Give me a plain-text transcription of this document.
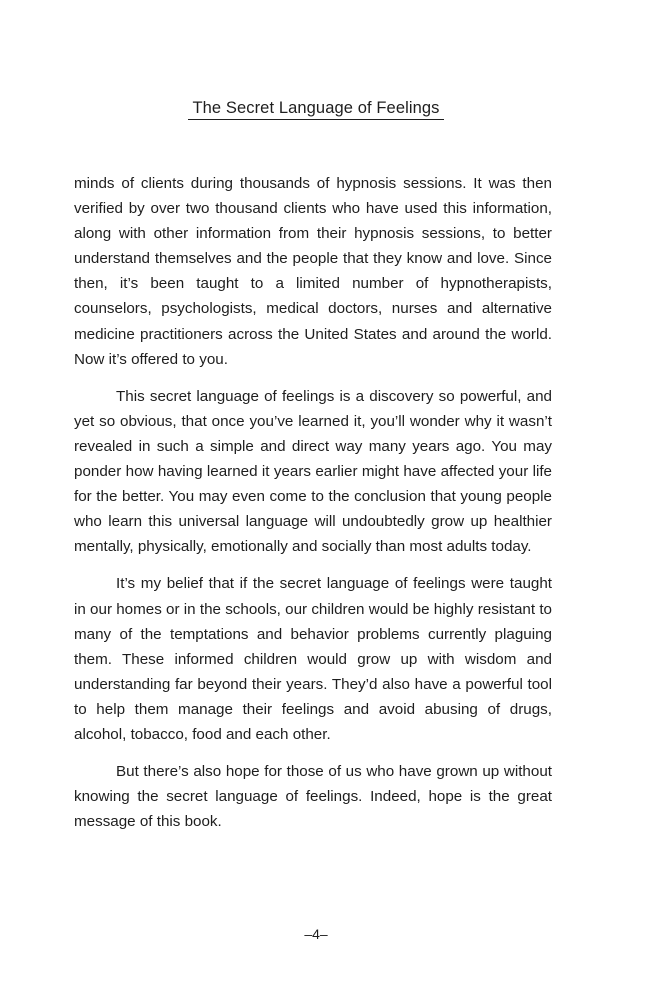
The Secret Language of Feelings

minds of clients during thousands of hypnosis sessions. It was then verified by over two thousand clients who have used this information, along with other information from their hypnosis sessions, to better understand themselves and the people that they know and love. Since then, it’s been taught to a limited number of hypnotherapists, counselors, psychologists, medical doctors, nurses and alternative medicine practitioners across the United States and around the world. Now it’s offered to you.

This secret language of feelings is a discovery so powerful, and yet so obvious, that once you’ve learned it, you’ll wonder why it wasn’t revealed in such a simple and direct way many years ago. You may ponder how having learned it years earlier might have affected your life for the better. You may even come to the conclusion that young people who learn this universal language will undoubtedly grow up healthier mentally, physically, emotionally and socially than most adults today.

It’s my belief that if the secret language of feelings were taught in our homes or in the schools, our children would be highly resistant to many of the temptations and behavior problems currently plaguing them. These informed children would grow up with wisdom and understanding far beyond their years. They’d also have a powerful tool to help them manage their feelings and avoid abusing of drugs, alcohol, tobacco, food and each other.

But there’s also hope for those of us who have grown up without knowing the secret language of feelings. Indeed, hope is the great message of this book.

–4–
